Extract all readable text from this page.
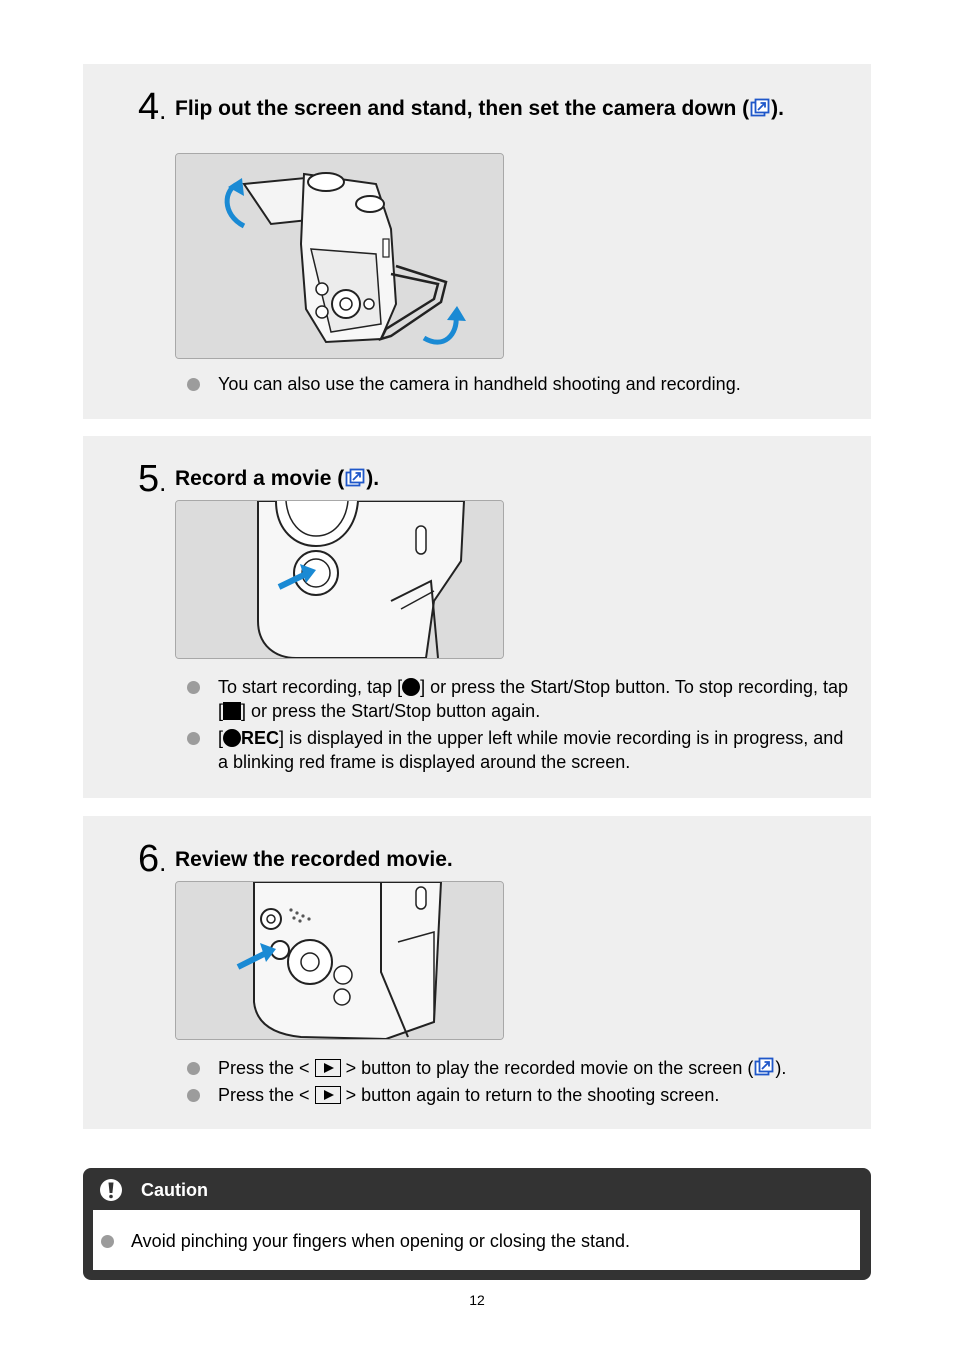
4. Flip out the screen and stand, then set the camera down ( ).
You can also use the camera in handheld shooting and recording.
5. Record a movie ( ).
To start recording, tap [ ] or press the Start/Stop button. To stop recording, tap [ ] or press the Start/Stop button again.
[ REC] is displayed in the upper left while movie recording is in progress, and a blinking red frame is displayed around the screen.
6. Review the recorded movie.
Press the < > button to play the recorded movie on the screen ( ).
Press the < > button again to return to the shooting screen.
Caution
Avoid pinching your fingers when opening or closing the stand.
12
